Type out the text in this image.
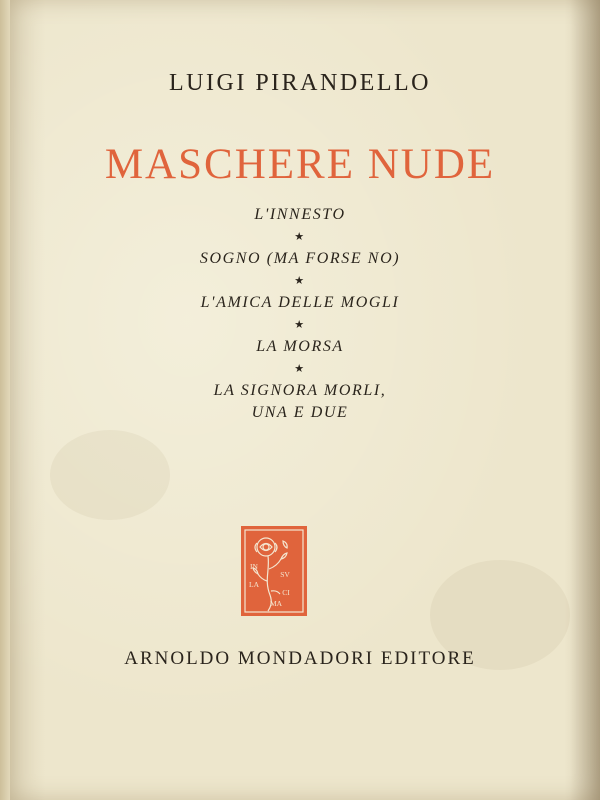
LUIGI PIRANDELLO
MASCHERE NUDE
L'INNESTO
★
SOGNO (MA FORSE NO)
★
L'AMICA DELLE MOGLI
★
LA MORSA
★
LA SIGNORA MORLI,
UNA E DUE
IN
SV
LA
CI
MA
ARNOLDO MONDADORI EDITORE
